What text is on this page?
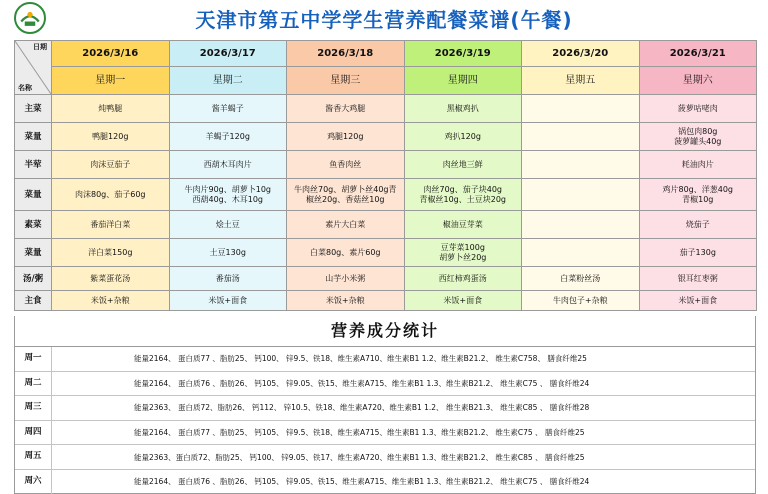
天津市第五中学学生营养配餐菜谱(午餐)
日期
名称	2026/3/16	2026/3/17	2026/3/18	2026/3/19	2026/3/20	2026/3/21
	星期一	星期二	星期三	星期四	星期五	星期六
主菜	炖鸭腿	酱羊蝎子	酱香大鸡腿	黑椒鸡扒		菠萝咕咾肉
菜量	鸭腿120g	羊蝎子120g	鸡腿120g	鸡扒120g		锅包肉80g
菠萝罐头40g
半荤	肉沫豆茄子	西葫木耳肉片	鱼香肉丝	肉丝地三鲜		耗油肉片
菜量	肉沫80g、茄子60g	牛肉片90g、胡萝卜10g
西葫40g、木耳10g	牛肉丝70g、胡萝卜丝40g青
椒丝20g、香菇丝10g	肉丝70g、茄子块40g
青椒丝10g、土豆块20g		鸡片80g、洋葱40g
青椒10g
素菜	番茄洋白菜	烩土豆	素片大白菜	椒油豆芽菜		烧茄子
菜量	洋白菜150g	土豆130g	白菜80g、素片60g	豆芽菜100g
胡萝卜丝20g		茄子130g
汤/粥	紫菜蛋花汤	番茄汤	山芋小米粥	西红柿鸡蛋汤	白菜粉丝汤	银耳红枣粥
主食	米饭+杂粮	米饭+面食	米饭+杂粮	米饭+面食	牛肉包子+杂粮	米饭+面食
营养成分统计
周一	能量2164、 蛋白质77 、脂肪25、 钙100、 锌9.5、铁18、维生素A710、维生素B1 1.2、维生素B21.2、 维生素C758、 膳食纤维25
周二	能量2164、 蛋白质76 、脂肪26、 钙105、 锌9.05、铁15、维生素A715、维生素B1 1.3、维生素B21.2、 维生素C75 、 膳食纤维24
周三	能量2363、 蛋白质72、脂肪26、 钙112、 锌10.5、铁18、维生素A720、维生素B1 1.2、 维生素B21.3、 维生素C85 、 膳食纤维28
周四	能量2164、 蛋白质77 、脂肪25、 钙105、 锌9.5、铁18、维生素A715、维生素B1 1.3、维生素B21.2、 维生素C75 、 膳食纤维25
周五	能量2363、蛋白质72、脂肪25、 钙100、 锌9.05、铁17、维生素A720、维生素B1 1.3、维生素B21.2、 维生素C85 、 膳食纤维25
周六	能量2164、 蛋白质76 、脂肪26、 钙105、 锌9.05、铁15、维生素A715、维生素B1 1.3、维生素B21.2、 维生素C75 、 膳食纤维24
